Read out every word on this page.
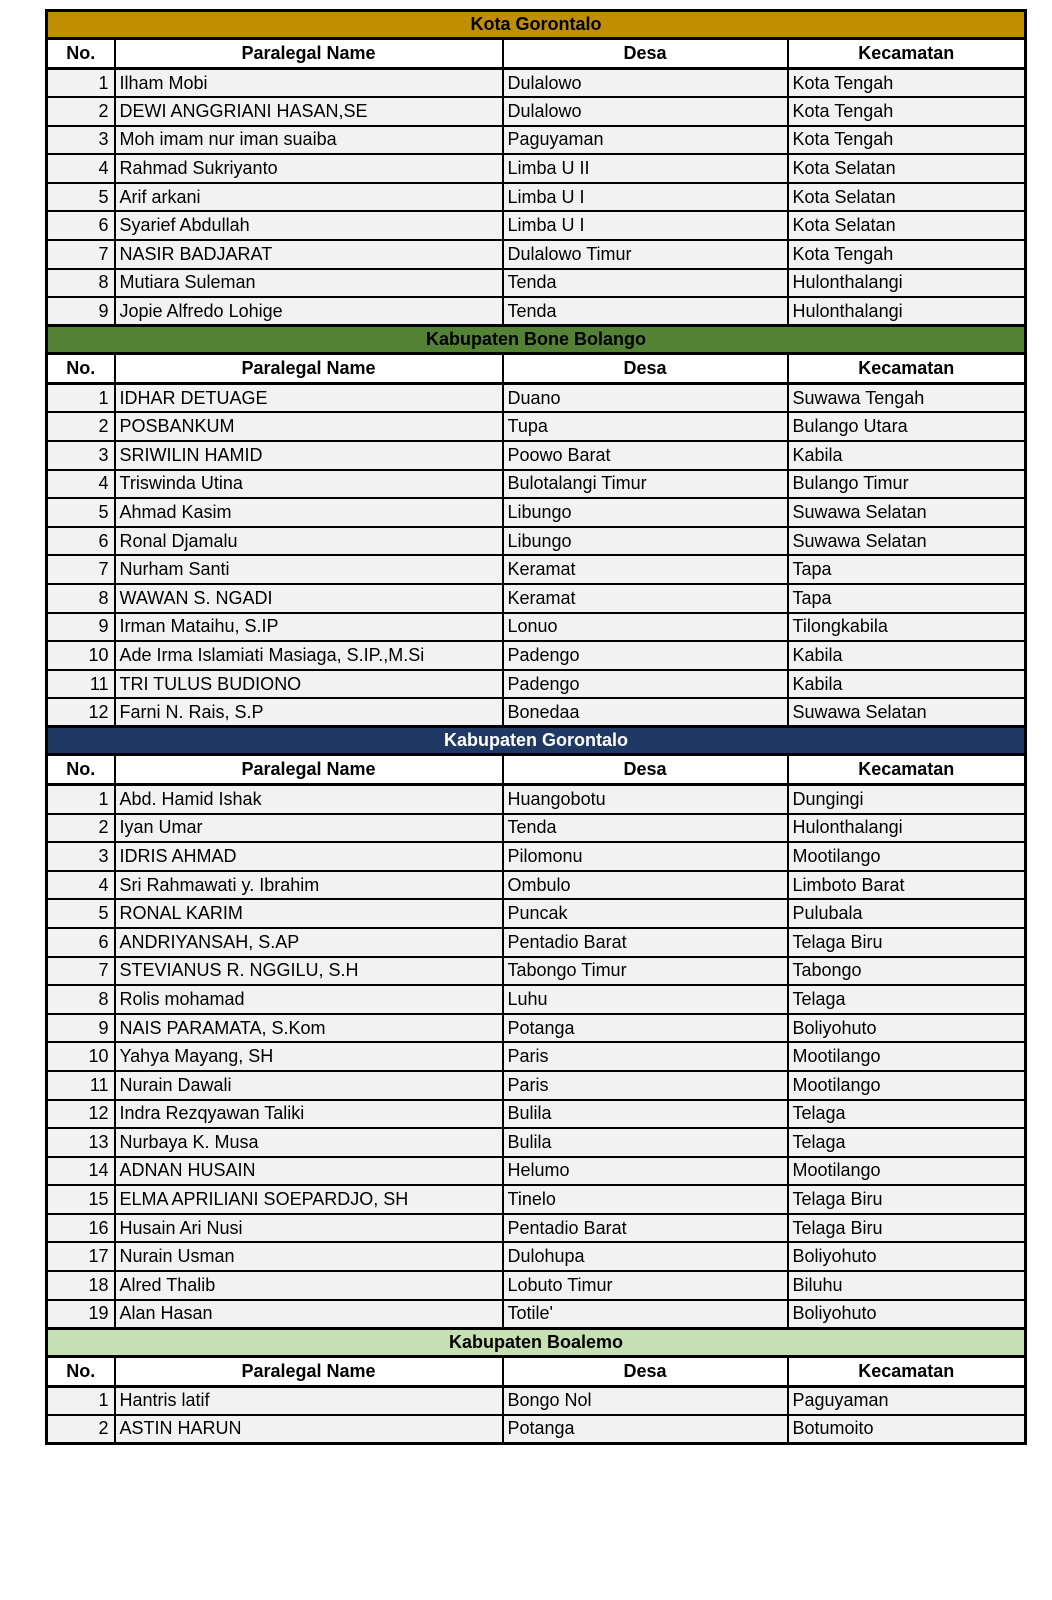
Kota Gorontalo			
No.	Paralegal Name	Desa	Kecamatan
1	Ilham Mobi	Dulalowo	Kota Tengah
2	DEWI ANGGRIANI HASAN,SE	Dulalowo	Kota Tengah
3	Moh imam nur iman suaiba	Paguyaman	Kota Tengah
4	Rahmad Sukriyanto	Limba U II	Kota Selatan
5	Arif arkani	Limba U I	Kota Selatan
6	Syarief Abdullah	Limba U I	Kota Selatan
7	NASIR BADJARAT	Dulalowo Timur	Kota Tengah
8	Mutiara Suleman	Tenda	Hulonthalangi
9	Jopie Alfredo Lohige	Tenda	Hulonthalangi
Kabupaten Bone Bolango			
No.	Paralegal Name	Desa	Kecamatan
1	IDHAR DETUAGE	Duano	Suwawa Tengah
2	POSBANKUM	Tupa	Bulango Utara
3	SRIWILIN HAMID	Poowo Barat	Kabila
4	Triswinda Utina	Bulotalangi Timur	Bulango Timur
5	Ahmad Kasim	Libungo	Suwawa Selatan
6	Ronal Djamalu	Libungo	Suwawa Selatan
7	Nurham Santi	Keramat	Tapa
8	WAWAN S. NGADI	Keramat	Tapa
9	Irman Mataihu, S.IP	Lonuo	Tilongkabila
10	Ade Irma Islamiati Masiaga, S.IP.,M.Si	Padengo	Kabila
11	TRI TULUS BUDIONO	Padengo	Kabila
12	Farni N. Rais, S.P	Bonedaa	Suwawa Selatan
Kabupaten Gorontalo			
No.	Paralegal Name	Desa	Kecamatan
1	Abd. Hamid Ishak	Huangobotu	Dungingi
2	Iyan Umar	Tenda	Hulonthalangi
3	IDRIS AHMAD	Pilomonu	Mootilango
4	Sri Rahmawati y. Ibrahim	Ombulo	Limboto Barat
5	RONAL KARIM	Puncak	Pulubala
6	ANDRIYANSAH, S.AP	Pentadio Barat	Telaga Biru
7	STEVIANUS R. NGGILU, S.H	Tabongo Timur	Tabongo
8	Rolis mohamad	Luhu	Telaga
9	NAIS PARAMATA, S.Kom	Potanga	Boliyohuto
10	Yahya Mayang, SH	Paris	Mootilango
11	Nurain Dawali	Paris	Mootilango
12	Indra Rezqyawan Taliki	Bulila	Telaga
13	Nurbaya K. Musa	Bulila	Telaga
14	ADNAN HUSAIN	Helumo	Mootilango
15	ELMA APRILIANI SOEPARDJO, SH	Tinelo	Telaga Biru
16	Husain Ari Nusi	Pentadio Barat	Telaga Biru
17	Nurain Usman	Dulohupa	Boliyohuto
18	Alred Thalib	Lobuto Timur	Biluhu
19	Alan Hasan	Totile'	Boliyohuto
Kabupaten Boalemo			
No.	Paralegal Name	Desa	Kecamatan
1	Hantris latif	Bongo Nol	Paguyaman
2	ASTIN HARUN	Potanga	Botumoito
